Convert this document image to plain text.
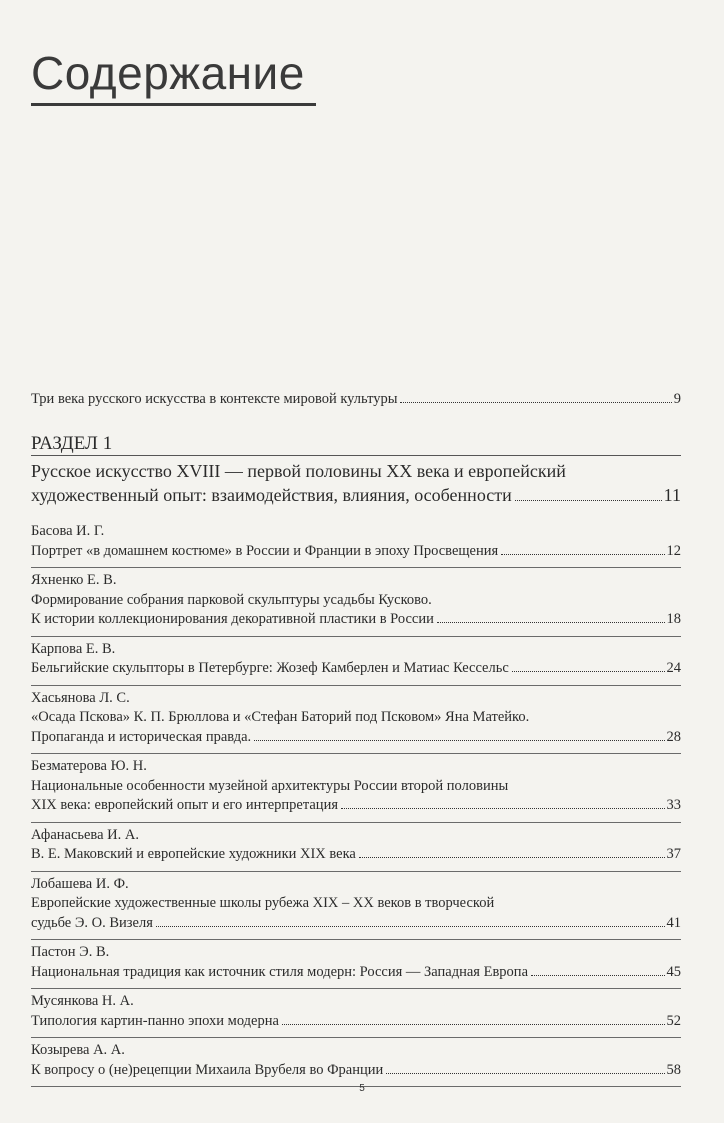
Содержание
Три века русского искусства в контексте мировой культуры	9
РАЗДЕЛ 1
Русское искусство XVIII — первой половины XX века и европейский
художественный опыт: взаимодействия, влияния, особенности	11
Басова И. Г.
Портрет «в домашнем костюме» в России и Франции в эпоху Просвещения	12
Яхненко Е. В.
Формирование собрания парковой скульптуры усадьбы Кусково.
К истории коллекционирования декоративной пластики в России	18
Карпова Е. В.
Бельгийские скульпторы в Петербурге: Жозеф Камберлен и Матиас Кессельс	24
Хасьянова Л. С.
«Осада Пскова» К. П. Брюллова и «Стефан Баторий под Псковом» Яна Матейко.
Пропаганда и историческая правда.	28
Безматерова Ю. Н.
Национальные особенности музейной архитектуры России второй половины
XIX века: европейский опыт и его интерпретация	33
Афанасьева И. А.
В. Е. Маковский и европейские художники XIX века	37
Лобашева И. Ф.
Европейские художественные школы рубежа XIX – XX веков в творческой
судьбе Э. О. Визеля	41
Пастон Э. В.
Национальная традиция как источник стиля модерн: Россия — Западная Европа	45
Мусянкова Н. А.
Типология картин-панно эпохи модерна	52
Козырева А. А.
К вопросу о (не)рецепции Михаила Врубеля во Франции	58
5
